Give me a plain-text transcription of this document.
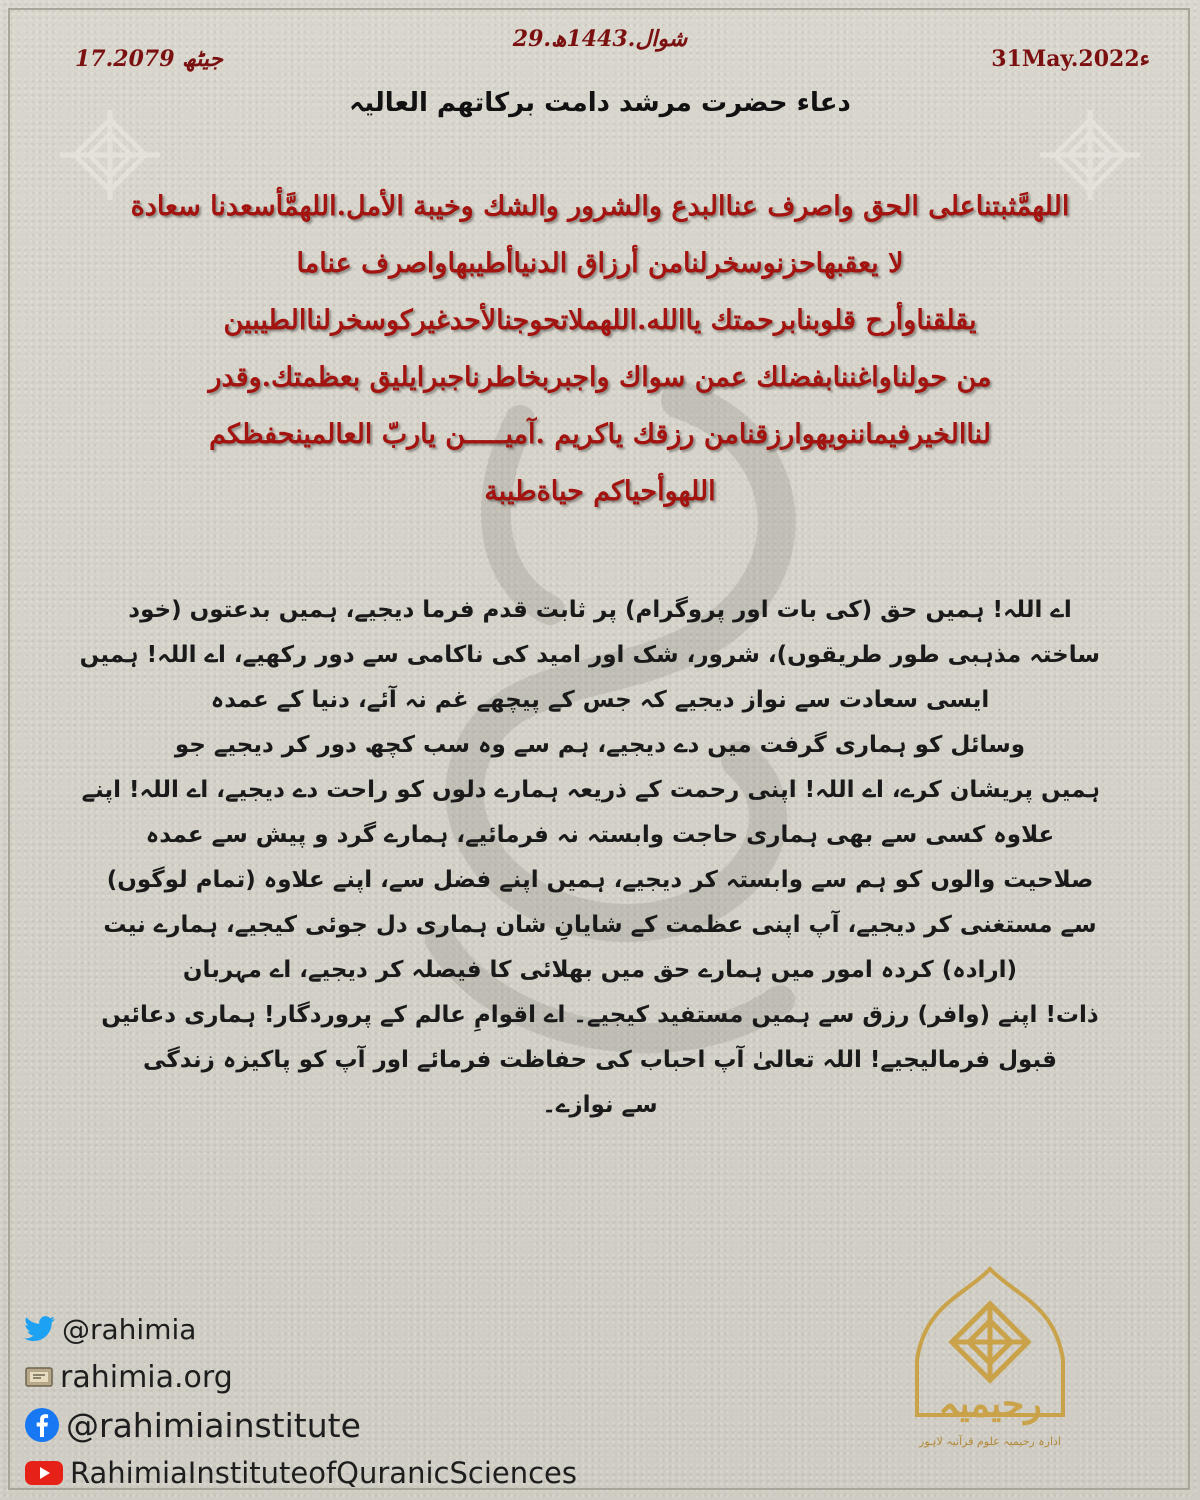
29.شوال.1443ھ
17.جیٹھ 2079	31May.2022ء
دعاء حضرت مرشد دامت برکاتھم العالیہ
اللهمَّثبتناعلى الحق واصرف عناالبدع والشرور والشك وخيبة الأمل.اللهمَّأسعدنا سعادة
لا يعقبهاحزنوسخرلنامن أرزاق الدنياأطيبهاواصرف عناما
يقلقناوأرح قلوبنابرحمتك ياالله.اللهملاتحوجنالأحدغيركوسخرلناالطيبين
من حولناواغننابفضلك عمن سواك واجبربخاطرناجبرايليق بعظمتك.وقدر
لناالخيرفيماننويهوارزقنامن رزقك ياكريم .آميـــــن ياربّ العالمينحفظكم
اللهوأحياكم حياةطيبة
اے اللہ! ہمیں حق (کی بات اور پروگرام) پر ثابت قدم فرما دیجیے، ہمیں بدعتوں (خود
ساختہ مذہبی طور طریقوں)، شرور، شک اور امید کی ناکامی سے دور رکھیے، اے اللہ! ہمیں
ایسی سعادت سے نواز دیجیے کہ جس کے پیچھے غم نہ آئے، دنیا کے عمدہ
وسائل کو ہماری گرفت میں دے دیجیے، ہم سے وہ سب کچھ دور کر دیجیے جو
ہمیں پریشان کرے، اے اللہ! اپنی رحمت کے ذریعہ ہمارے دلوں کو راحت دے دیجیے، اے اللہ! اپنے
علاوہ کسی سے بھی ہماری حاجت وابستہ نہ فرمائیے، ہمارے گرد و پیش سے عمدہ
صلاحیت والوں کو ہم سے وابستہ کر دیجیے، ہمیں اپنے فضل سے، اپنے علاوہ (تمام لوگوں)
سے مستغنی کر دیجیے، آپ اپنی عظمت کے شایانِ شان ہماری دل جوئی کیجیے، ہمارے نیت
(ارادہ) کردہ امور میں ہمارے حق میں بھلائی کا فیصلہ کر دیجیے، اے مہربان
ذات! اپنے (وافر) رزق سے ہمیں مستفید کیجیے۔ اے اقوامِ عالم کے پروردگار! ہماری دعائیں
قبول فرمالیجیے! اللہ تعالیٰ آپ احباب کی حفاظت فرمائے اور آپ کو پاکیزہ زندگی
سے نوازے۔
@rahimia
rahimia.org
@rahimiainstitute
RahimiaInstituteofQuranicSciences
رحیمیہ
ادارہ رحیمیہ علوم قرآنیہ لاہور
